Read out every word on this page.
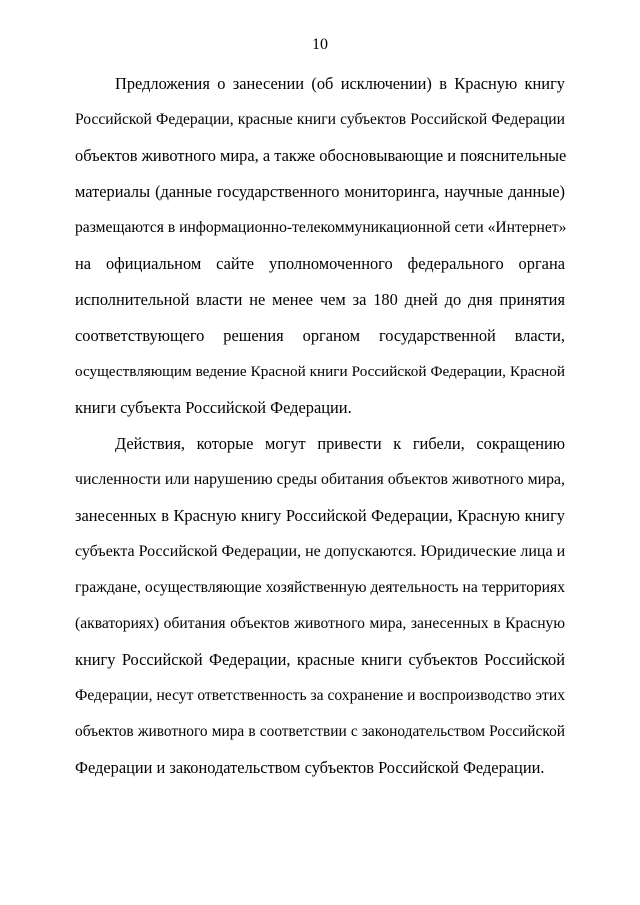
10
Предложения о занесении (об исключении) в Красную книгу
Российской Федерации, красные книги субъектов Российской Федерации
объектов животного мира, а также обосновывающие и пояснительные
материалы (данные государственного мониторинга, научные данные)
размещаются в информационно-телекоммуникационной сети «Интернет»
на официальном сайте уполномоченного федерального органа
исполнительной власти не менее чем за 180 дней до дня принятия
соответствующего решения органом государственной власти,
осуществляющим ведение Красной книги Российской Федерации, Красной
книги субъекта Российской Федерации.
Действия, которые могут привести к гибели, сокращению
численности или нарушению среды обитания объектов животного мира,
занесенных в Красную книгу Российской Федерации, Красную книгу
субъекта Российской Федерации, не допускаются. Юридические лица и
граждане, осуществляющие хозяйственную деятельность на территориях
(акваториях) обитания объектов животного мира, занесенных в Красную
книгу Российской Федерации, красные книги субъектов Российской
Федерации, несут ответственность за сохранение и воспроизводство этих
объектов животного мира в соответствии с законодательством Российской
Федерации и законодательством субъектов Российской Федерации.
